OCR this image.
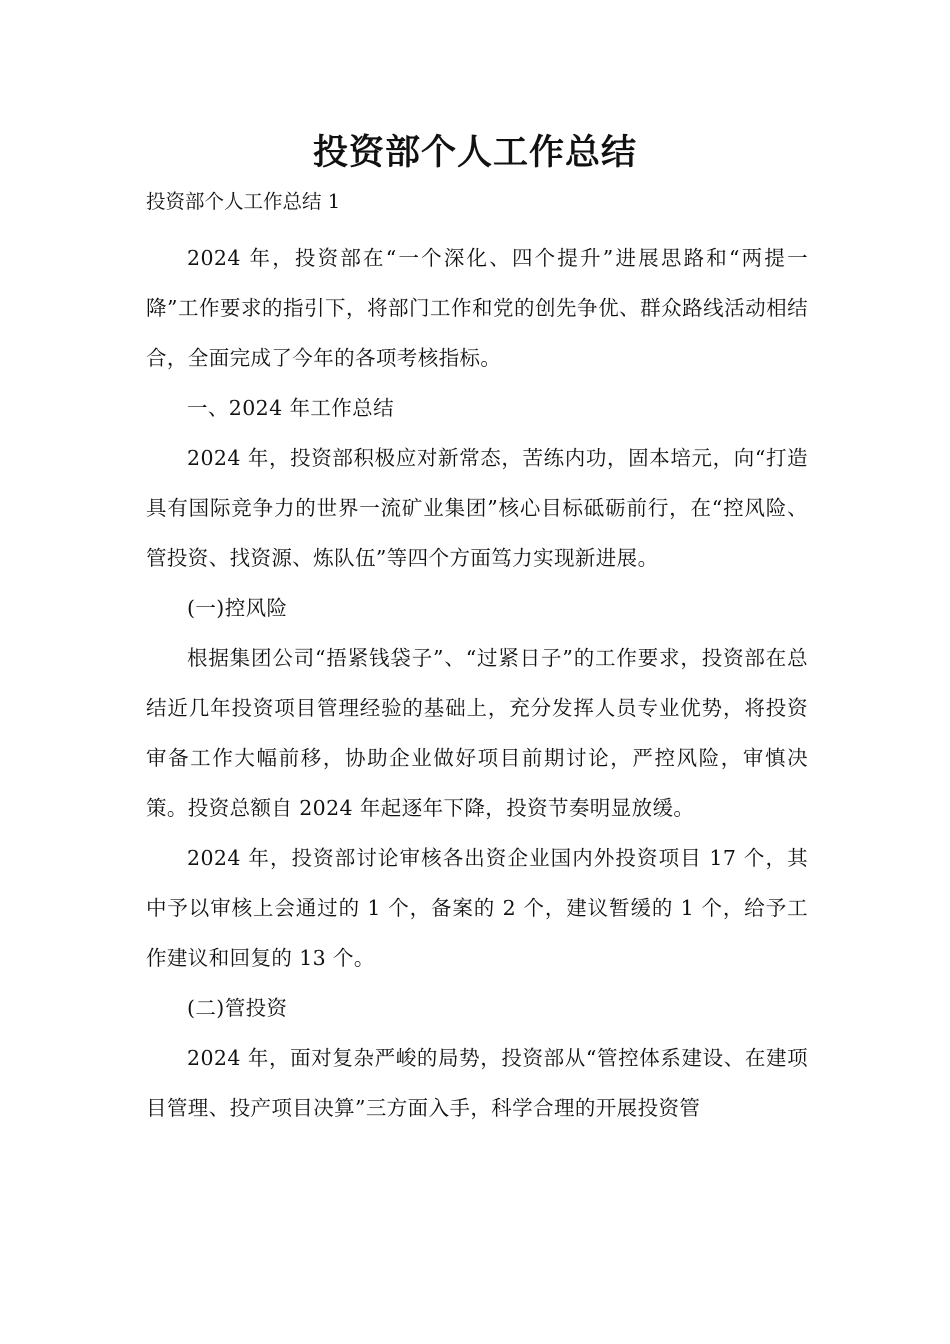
投资部个人工作总结

投资部个人工作总结 1

2024 年，投资部在“一个深化、四个提升”进展思路和“两提一降”工作要求的指引下，将部门工作和党的创先争优、群众路线活动相结合，全面完成了今年的各项考核指标。

一、2024 年工作总结

2024 年，投资部积极应对新常态，苦练内功，固本培元，向“打造具有国际竞争力的世界一流矿业集团”核心目标砥砺前行，在“控风险、管投资、找资源、炼队伍”等四个方面笃力实现新进展。

(一)控风险

根据集团公司“捂紧钱袋子”、“过紧日子”的工作要求，投资部在总结近几年投资项目管理经验的基础上，充分发挥人员专业优势，将投资审备工作大幅前移，协助企业做好项目前期讨论，严控风险，审慎决策。投资总额自 2024 年起逐年下降，投资节奏明显放缓。

2024 年，投资部讨论审核各出资企业国内外投资项目 17 个，其中予以审核上会通过的 1 个，备案的 2 个，建议暂缓的 1 个，给予工作建议和回复的 13 个。

(二)管投资

2024 年，面对复杂严峻的局势，投资部从“管控体系建设、在建项目管理、投产项目决算”三方面入手，科学合理的开展投资管
